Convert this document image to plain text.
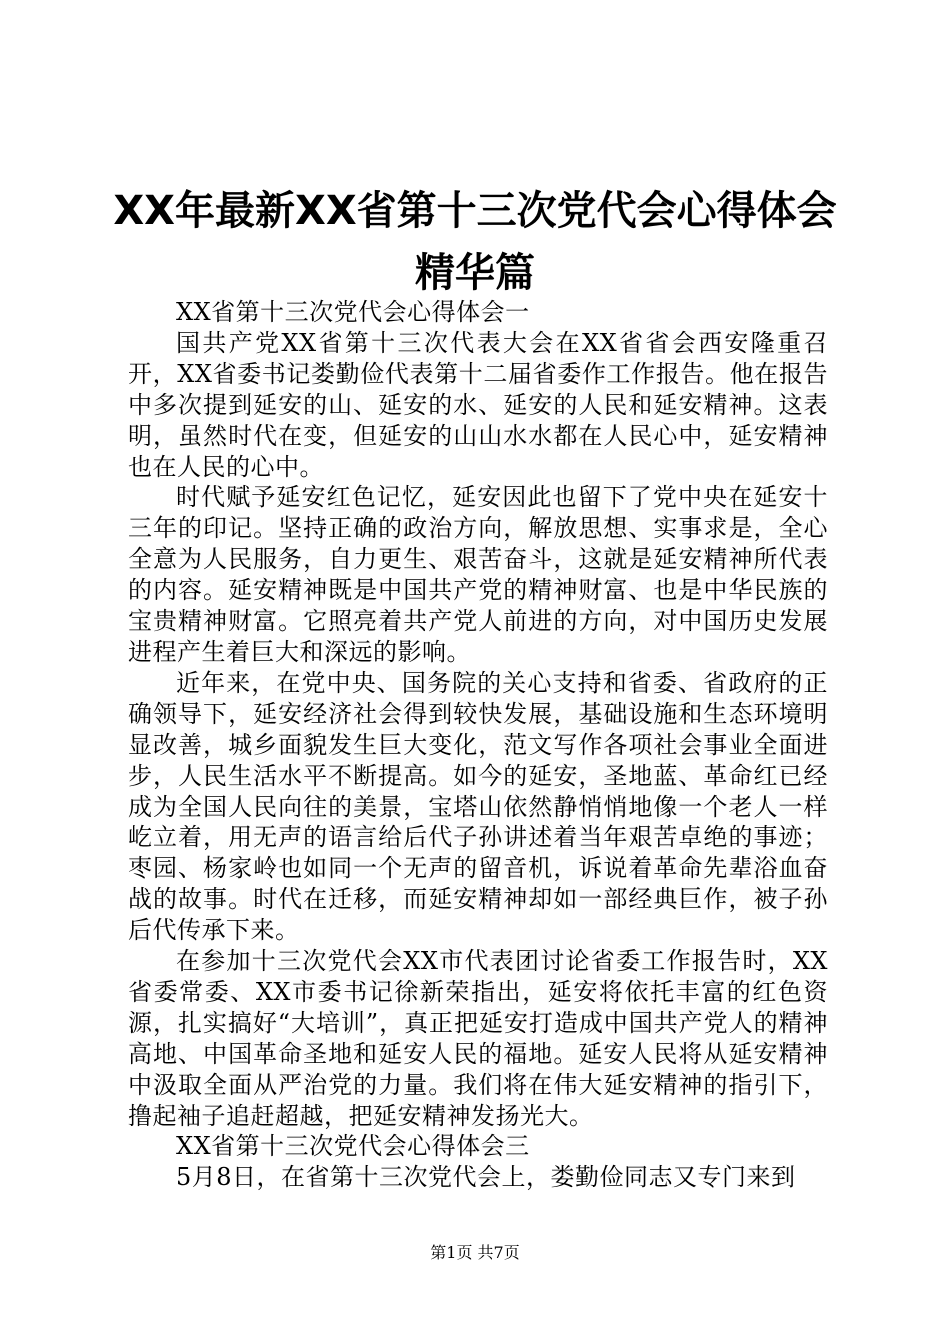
XX年最新XX省第十三次党代会心得体会精华篇

XX省第十三次党代会心得体会一

国共产党XX省第十三次代表大会在XX省省会西安隆重召开，XX省委书记娄勤俭代表第十二届省委作工作报告。他在报告中多次提到延安的山、延安的水、延安的人民和延安精神。这表明，虽然时代在变，但延安的山山水水都在人民心中，延安精神也在人民的心中。

时代赋予延安红色记忆，延安因此也留下了党中央在延安十三年的印记。坚持正确的政治方向，解放思想、实事求是，全心全意为人民服务，自力更生、艰苦奋斗，这就是延安精神所代表的内容。延安精神既是中国共产党的精神财富、也是中华民族的宝贵精神财富。它照亮着共产党人前进的方向，对中国历史发展进程产生着巨大和深远的影响。

近年来，在党中央、国务院的关心支持和省委、省政府的正确领导下，延安经济社会得到较快发展，基础设施和生态环境明显改善，城乡面貌发生巨大变化，范文写作各项社会事业全面进步，人民生活水平不断提高。如今的延安，圣地蓝、革命红已经成为全国人民向往的美景，宝塔山依然静悄悄地像一个老人一样屹立着，用无声的语言给后代子孙讲述着当年艰苦卓绝的事迹；枣园、杨家岭也如同一个无声的留音机，诉说着革命先辈浴血奋战的故事。时代在迁移，而延安精神却如一部经典巨作，被子孙后代传承下来。

在参加十三次党代会XX市代表团讨论省委工作报告时，XX省委常委、XX市委书记徐新荣指出，延安将依托丰富的红色资源，扎实搞好“大培训”，真正把延安打造成中国共产党人的精神高地、中国革命圣地和延安人民的福地。延安人民将从延安精神中汲取全面从严治党的力量。我们将在伟大延安精神的指引下，撸起袖子追赶超越，把延安精神发扬光大。

XX省第十三次党代会心得体会三

5月8日，在省第十三次党代会上，娄勤俭同志又专门来到

第1页 共7页
